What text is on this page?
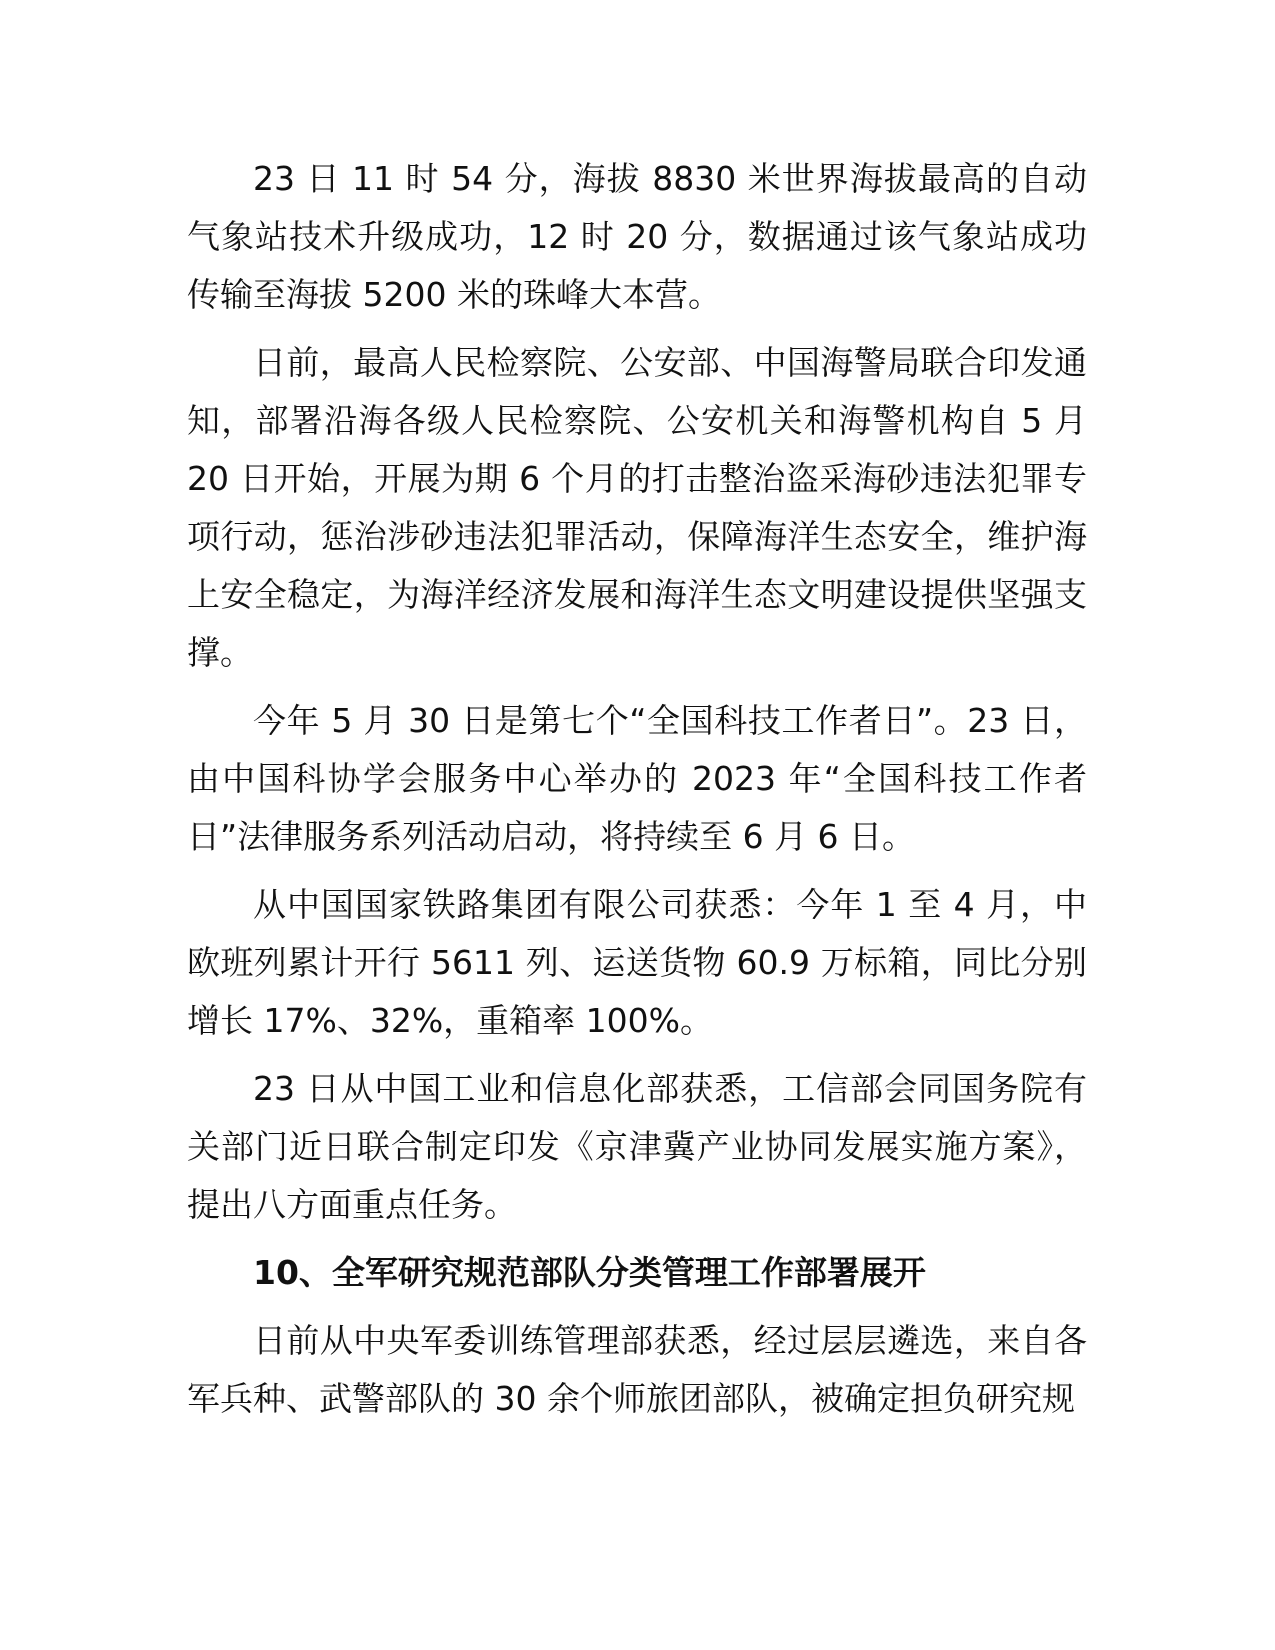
23 日 11 时 54 分，海拔 8830 米世界海拔最高的自动气象站技术升级成功，12 时 20 分，数据通过该气象站成功传输至海拔 5200 米的珠峰大本营。

日前，最高人民检察院、公安部、中国海警局联合印发通知，部署沿海各级人民检察院、公安机关和海警机构自 5 月 20 日开始，开展为期 6 个月的打击整治盗采海砂违法犯罪专项行动，惩治涉砂违法犯罪活动，保障海洋生态安全，维护海上安全稳定，为海洋经济发展和海洋生态文明建设提供坚强支撑。

今年 5 月 30 日是第七个“全国科技工作者日”。23 日，由中国科协学会服务中心举办的 2023 年“全国科技工作者日”法律服务系列活动启动，将持续至 6 月 6 日。

从中国国家铁路集团有限公司获悉：今年 1 至 4 月，中欧班列累计开行 5611 列、运送货物 60.9 万标箱，同比分别增长 17%、32%，重箱率 100%。

23 日从中国工业和信息化部获悉，工信部会同国务院有关部门近日联合制定印发《京津冀产业协同发展实施方案》，提出八方面重点任务。

10、全军研究规范部队分类管理工作部署展开

日前从中央军委训练管理部获悉，经过层层遴选，来自各军兵种、武警部队的 30 余个师旅团部队，被确定担负研究规
